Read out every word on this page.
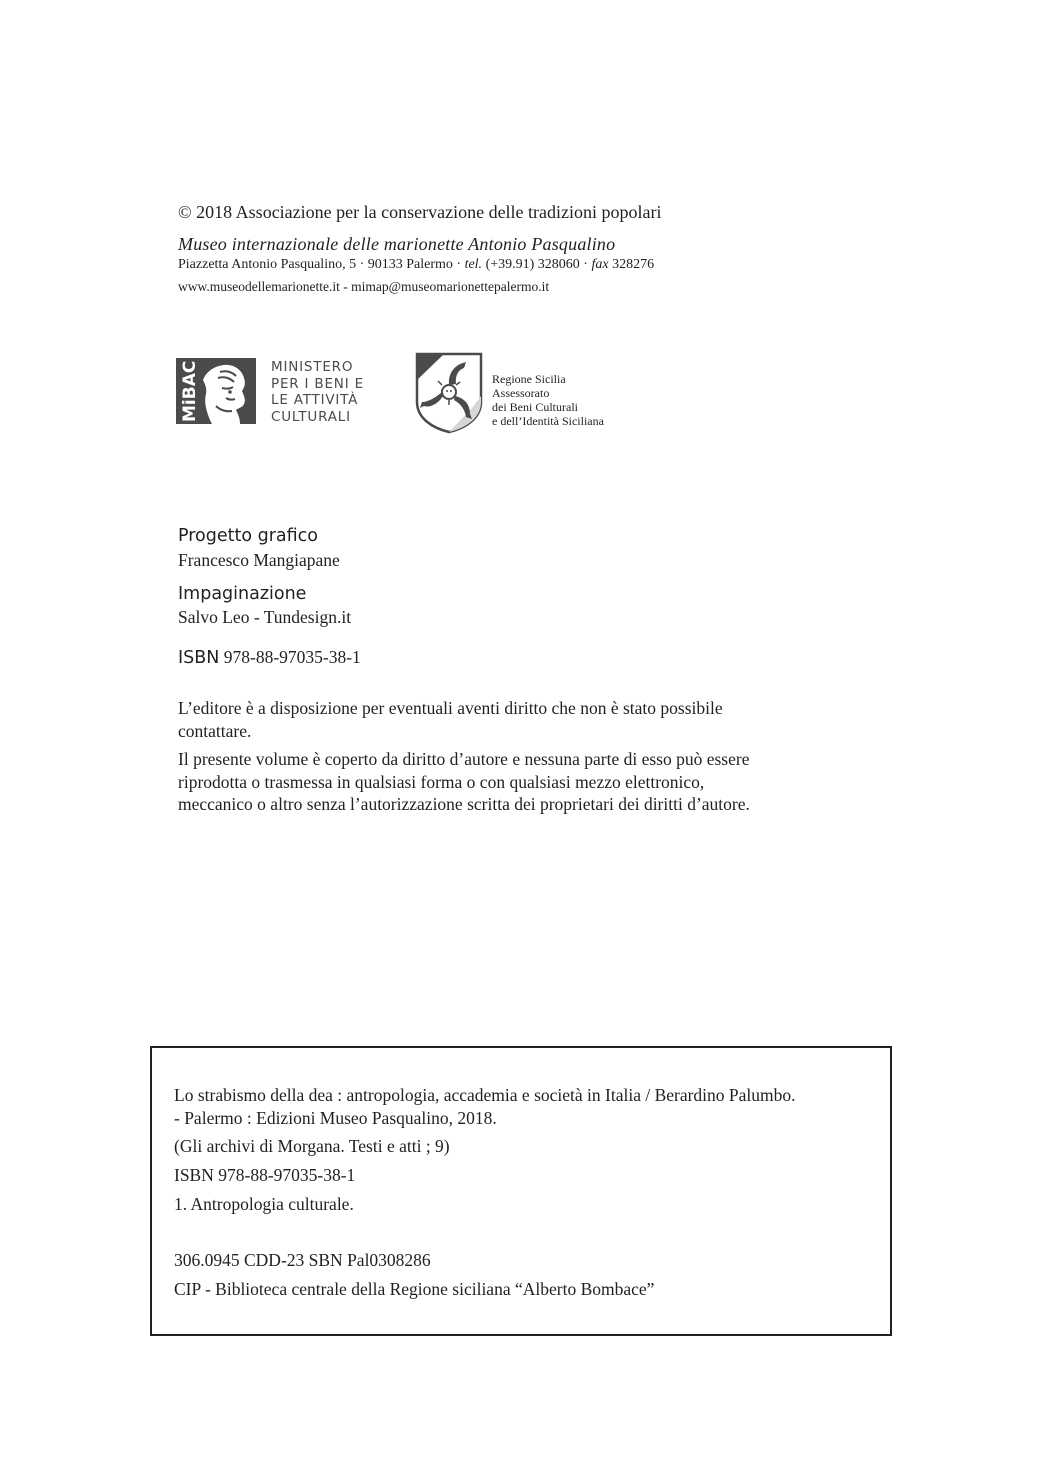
© 2018 Associazione per la conservazione delle tradizioni popolari
Museo internazionale delle marionette Antonio Pasqualino
Piazzetta Antonio Pasqualino, 5 · 90133 Palermo · tel. (+39.91) 328060 · fax 328276
www.museodellemarionette.it - mimap@museomarionettepalermo.it
MiBAC	MINISTERO
PER I BENI E
LE ATTIVITÀ
CULTURALI
Regione Sicilia
Assessorato
dei Beni Culturali
e dell’Identità Siciliana
Progetto grafico
Francesco Mangiapane
Impaginazione
Salvo Leo - Tundesign.it
ISBN 978-88-97035-38-1
L’editore è a disposizione per eventuali aventi diritto che non è stato possibile
contattare.
Il presente volume è coperto da diritto d’autore e nessuna parte di esso può essere
riprodotta o trasmessa in qualsiasi forma o con qualsiasi mezzo elettronico,
meccanico o altro senza l’autorizzazione scritta dei proprietari dei diritti d’autore.
Lo strabismo della dea : antropologia, accademia e società in Italia / Berardino Palumbo.
- Palermo : Edizioni Museo Pasqualino, 2018.
(Gli archivi di Morgana. Testi e atti ; 9)
ISBN 978-88-97035-38-1
1. Antropologia culturale.
306.0945 CDD-23 SBN Pal0308286
CIP - Biblioteca centrale della Regione siciliana “Alberto Bombace”
